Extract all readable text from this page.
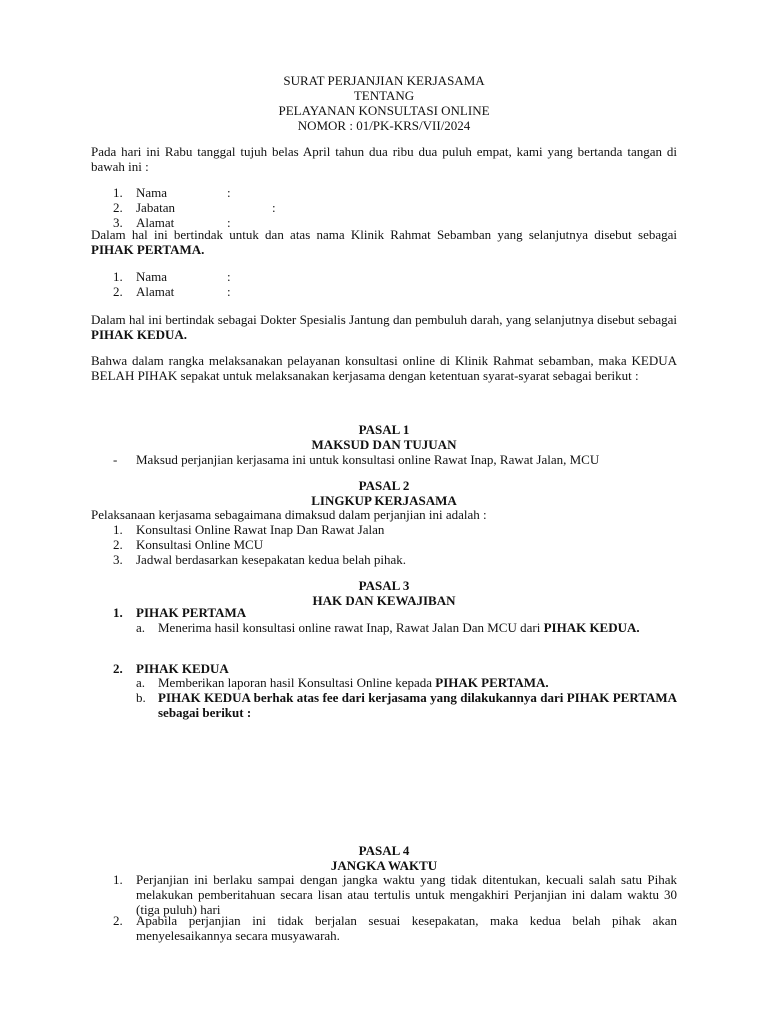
SURAT PERJANJIAN KERJASAMA
TENTANG
PELAYANAN KONSULTASI ONLINE
NOMOR : 01/PK-KRS/VII/2024
Pada hari ini Rabu tanggal tujuh belas April tahun dua ribu dua puluh empat, kami yang bertanda tangan di bawah ini :
1. Nama	:
2. Jabatan	:
3. Alamat	:
Dalam hal ini bertindak untuk dan atas nama Klinik Rahmat Sebamban yang selanjutnya disebut sebagai PIHAK PERTAMA.
1. Nama	:
2. Alamat	:
Dalam hal ini bertindak sebagai Dokter Spesialis Jantung dan pembuluh darah, yang selanjutnya disebut sebagai PIHAK KEDUA.
Bahwa dalam rangka melaksanakan pelayanan konsultasi online di Klinik Rahmat sebamban, maka KEDUA BELAH PIHAK sepakat untuk melaksanakan kerjasama dengan ketentuan syarat-syarat sebagai berikut :
PASAL 1
MAKSUD DAN TUJUAN
- Maksud perjanjian kerjasama ini untuk konsultasi online Rawat Inap, Rawat Jalan, MCU
PASAL 2
LINGKUP KERJASAMA
Pelaksanaan kerjasama sebagaimana dimaksud dalam perjanjian ini adalah :
1. Konsultasi Online Rawat Inap Dan Rawat Jalan
2. Konsultasi Online MCU
3. Jadwal berdasarkan kesepakatan kedua belah pihak.
PASAL 3
HAK DAN KEWAJIBAN
1. PIHAK PERTAMA
a. Menerima hasil konsultasi online rawat Inap, Rawat Jalan Dan MCU dari PIHAK KEDUA.
2. PIHAK KEDUA
a. Memberikan laporan hasil Konsultasi Online kepada PIHAK PERTAMA.
b. PIHAK KEDUA berhak atas fee dari kerjasama yang dilakukannya dari PIHAK PERTAMA sebagai berikut :
PASAL 4
JANGKA WAKTU
1. Perjanjian ini berlaku sampai dengan jangka waktu yang tidak ditentukan, kecuali salah satu Pihak melakukan pemberitahuan secara lisan atau tertulis untuk mengakhiri Perjanjian ini dalam waktu 30 (tiga puluh) hari
2. Apabila perjanjian ini tidak berjalan sesuai kesepakatan, maka kedua belah pihak akan menyelesaikannya secara musyawarah.
